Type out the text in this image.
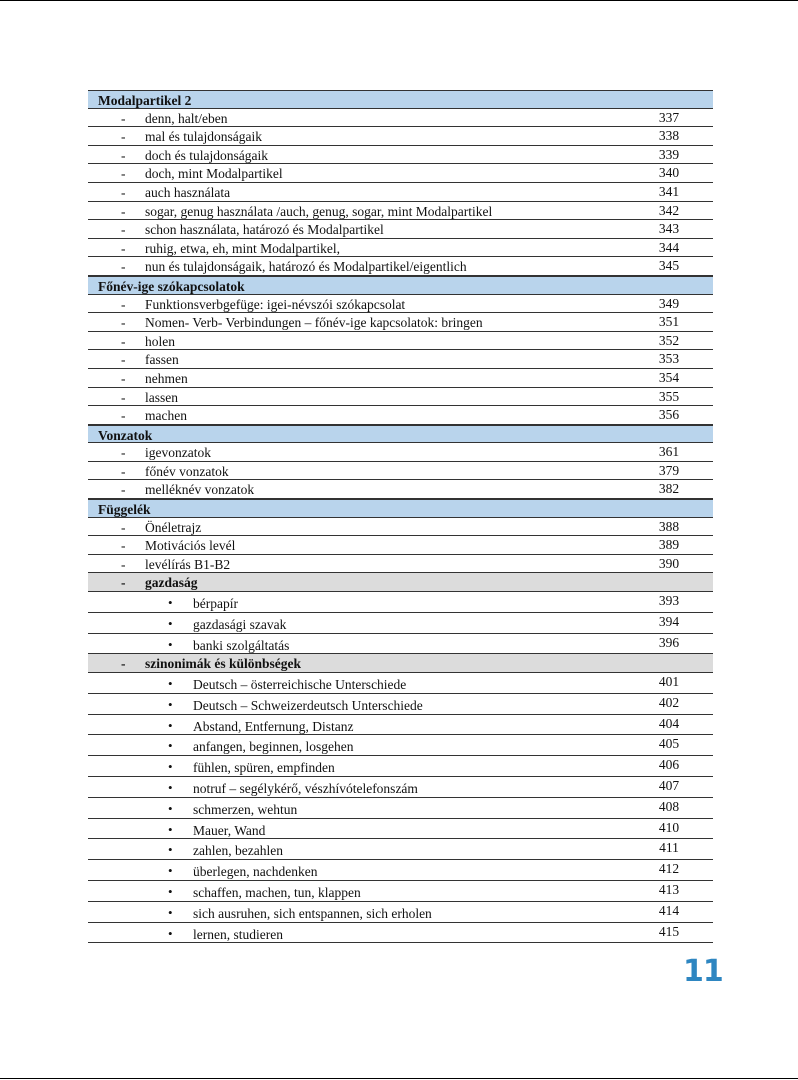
Modalpartikel 2
- denn, halt/eben	337
- mal és tulajdonságaik	338
- doch és tulajdonságaik	339
- doch, mint Modalpartikel	340
- auch használata	341
- sogar, genug használata /auch, genug, sogar, mint Modalpartikel	342
- schon használata, határozó és Modalpartikel	343
- ruhig, etwa, eh, mint Modalpartikel,	344
- nun és tulajdonságaik, határozó és Modalpartikel/eigentlich	345
Főnév-ige szókapcsolatok
- Funktionsverbgefüge: igei-névszói szókapcsolat	349
- Nomen- Verb- Verbindungen – főnév-ige kapcsolatok: bringen	351
- holen	352
- fassen	353
- nehmen	354
- lassen	355
- machen	356
Vonzatok
- igevonzatok	361
- főnév vonzatok	379
- melléknév vonzatok	382
Függelék
- Önéletrajz	388
- Motivációs levél	389
- levélírás B1-B2	390
- gazdaság
• bérpapír	393
• gazdasági szavak	394
• banki szolgáltatás	396
- szinonimák és különbségek
• Deutsch – österreichische Unterschiede	401
• Deutsch – Schweizerdeutsch Unterschiede	402
• Abstand, Entfernung, Distanz	404
• anfangen, beginnen, losgehen	405
• fühlen, spüren, empfinden	406
• notruf – segélykérő, vészhívótelefonszám	407
• schmerzen, wehtun	408
• Mauer, Wand	410
• zahlen, bezahlen	411
• überlegen, nachdenken	412
• schaffen, machen, tun, klappen	413
• sich ausruhen, sich entspannen, sich erholen	414
• lernen, studieren	415
11
